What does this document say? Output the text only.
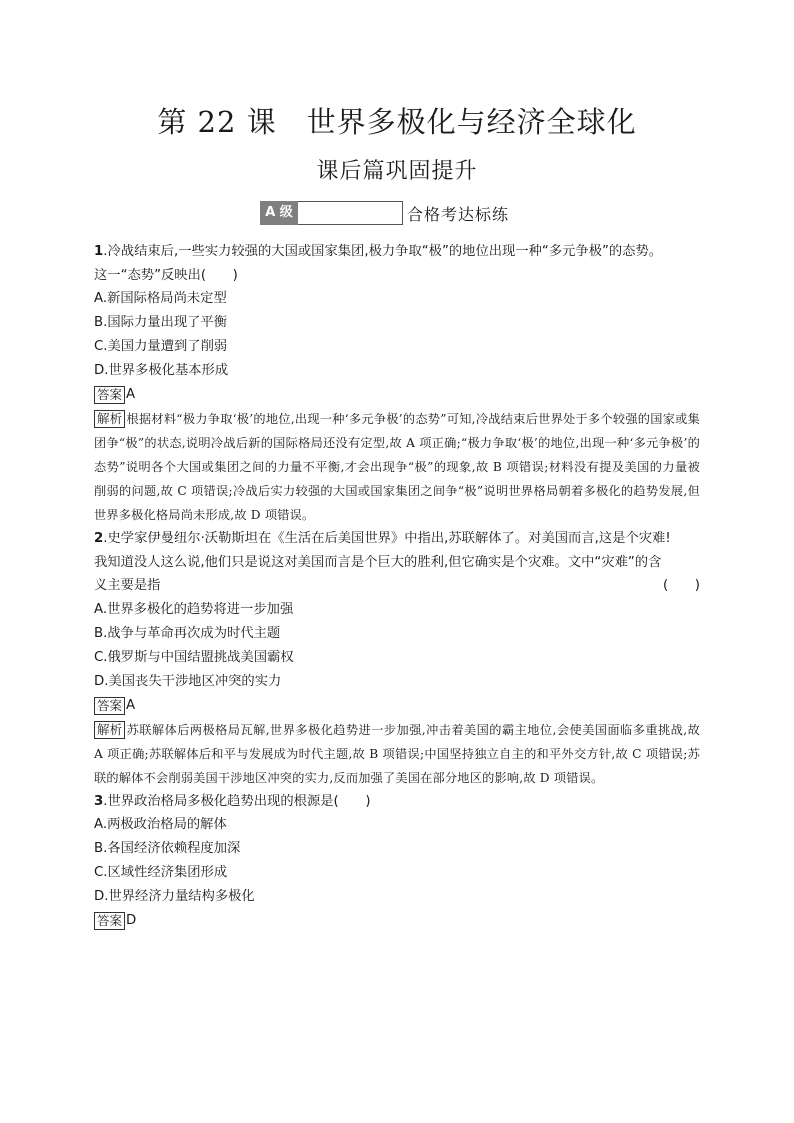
第 22 课　世界多极化与经济全球化
课后篇巩固提升
A 级	合格考达标练

1.冷战结束后,一些实力较强的大国或国家集团,极力争取“极”的地位出现一种“多元争极”的态势。

这一“态势”反映出(　　)

A.新国际格局尚未定型

B.国际力量出现了平衡

C.美国力量遭到了削弱

D.世界多极化基本形成

答案 A

解析 根据材料“极力争取‘极’的地位,出现一种‘多元争极’的态势”可知,冷战结束后世界处于多个较强的国家或集团争“极”的状态,说明冷战后新的国际格局还没有定型,故 A 项正确;“极力争取‘极’的地位,出现一种‘多元争极’的态势”说明各个大国或集团之间的力量不平衡,才会出现争“极”的现象,故 B 项错误;材料没有提及美国的力量被削弱的问题,故 C 项错误;冷战后实力较强的大国或国家集团之间争“极”说明世界格局朝着多极化的趋势发展,但世界多极化格局尚未形成,故 D 项错误。

2.史学家伊曼纽尔·沃勒斯坦在《生活在后美国世界》中指出,苏联解体了。对美国而言,这是个灾难!

我知道没人这么说,他们只是说这对美国而言是个巨大的胜利,但它确实是个灾难。文中“灾难”的含

义主要是指	(　　)

A.世界多极化的趋势将进一步加强

B.战争与革命再次成为时代主题

C.俄罗斯与中国结盟挑战美国霸权

D.美国丧失干涉地区冲突的实力

答案 A

解析 苏联解体后两极格局瓦解,世界多极化趋势进一步加强,冲击着美国的霸主地位,会使美国面临多重挑战,故 A 项正确;苏联解体后和平与发展成为时代主题,故 B 项错误;中国坚持独立自主的和平外交方针,故 C 项错误;苏联的解体不会削弱美国干涉地区冲突的实力,反而加强了美国在部分地区的影响,故 D 项错误。

3.世界政治格局多极化趋势出现的根源是(　　)

A.两极政治格局的解体

B.各国经济依赖程度加深

C.区域性经济集团形成

D.世界经济力量结构多极化

答案 D
